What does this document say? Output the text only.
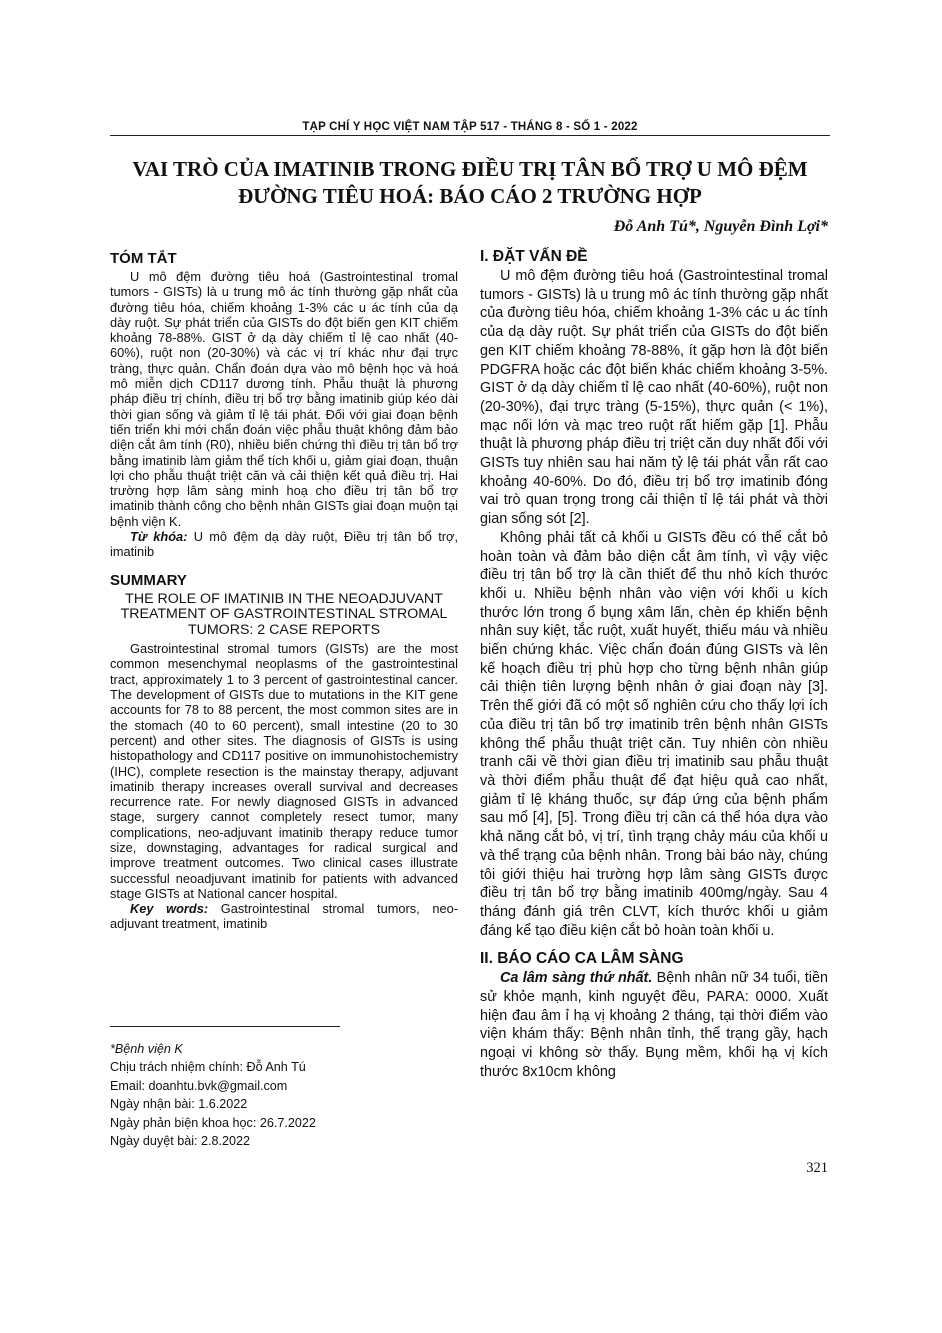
TẠP CHÍ Y HỌC VIỆT NAM TẬP 517 - THÁNG 8 - SỐ 1 - 2022
VAI TRÒ CỦA IMATINIB TRONG ĐIỀU TRỊ TÂN BỔ TRỢ U MÔ ĐỆM ĐƯỜNG TIÊU HOÁ: BÁO CÁO 2 TRƯỜNG HỢP
Đỗ Anh Tú*, Nguyễn Đình Lợi*
TÓM TẮT

U mô đệm đường tiêu hoá (Gastrointestinal tromal tumors - GISTs) là u trung mô ác tính thường gặp nhất của đường tiêu hóa, chiếm khoảng 1-3% các u ác tính của dạ dày ruột. Sự phát triển của GISTs do đột biến gen KIT chiếm khoảng 78-88%. GIST ở dạ dày chiếm tỉ lệ cao nhất (40-60%), ruột non (20-30%) và các vị trí khác như đại trực tràng, thực quản. Chẩn đoán dựa vào mô bệnh học và hoá mô miễn dịch CD117 dương tính. Phẫu thuật là phương pháp điều trị chính, điều trị bổ trợ bằng imatinib giúp kéo dài thời gian sống và giảm tỉ lệ tái phát. Đối với giai đoạn bệnh tiến triển khi mới chẩn đoán việc phẫu thuật không đảm bảo diện cắt âm tính (R0), nhiều biến chứng thì điều trị tân bổ trợ bằng imatinib làm giảm thể tích khối u, giảm giai đoạn, thuận lợi cho phẫu thuật triệt căn và cải thiện kết quả điều trị. Hai trường hợp lâm sàng minh hoạ cho điều trị tân bổ trợ imatinib thành công cho bệnh nhân GISTs giai đoạn muộn tại bệnh viện K.

Từ khóa: U mô đệm dạ dày ruột, Điều trị tân bổ trợ, imatinib

SUMMARY
THE ROLE OF IMATINIB IN THE NEOADJUVANT TREATMENT OF GASTROINTESTINAL STROMAL TUMORS: 2 CASE REPORTS

Gastrointestinal stromal tumors (GISTs) are the most common mesenchymal neoplasms of the gastrointestinal tract, approximately 1 to 3 percent of gastrointestinal cancer. The development of GISTs due to mutations in the KIT gene accounts for 78 to 88 percent, the most common sites are in the stomach (40 to 60 percent), small intestine (20 to 30 percent) and other sites. The diagnosis of GISTs is using histopathology and CD117 positive on immunohistochemistry (IHC), complete resection is the mainstay therapy, adjuvant imatinib therapy increases overall survival and decreases recurrence rate. For newly diagnosed GISTs in advanced stage, surgery cannot completely resect tumor, many complications, neo-adjuvant imatinib therapy reduce tumor size, downstaging, advantages for radical surgical and improve treatment outcomes. Two clinical cases illustrate successful neoadjuvant imatinib for patients with advanced stage GISTs at National cancer hospital.

Key words: Gastrointestinal stromal tumors, neo-adjuvant treatment, imatinib

*Bệnh viện K
Chịu trách nhiệm chính: Đỗ Anh Tú
Email: doanhtu.bvk@gmail.com
Ngày nhận bài: 1.6.2022
Ngày phản biện khoa học: 26.7.2022
Ngày duyệt bài: 2.8.2022
I. ĐẶT VẤN ĐỀ

U mô đệm đường tiêu hoá (Gastrointestinal tromal tumors - GISTs) là u trung mô ác tính thường gặp nhất của đường tiêu hóa, chiếm khoảng 1-3% các u ác tính của dạ dày ruột. Sự phát triển của GISTs do đột biến gen KIT chiếm khoảng 78-88%, ít gặp hơn là đột biến PDGFRA hoặc các đột biến khác chiếm khoảng 3-5%. GIST ở dạ dày chiếm tỉ lệ cao nhất (40-60%), ruột non (20-30%), đại trực tràng (5-15%), thực quản (< 1%), mạc nối lớn và mạc treo ruột rất hiếm gặp [1]. Phẫu thuật là phương pháp điều trị triệt căn duy nhất đối với GISTs tuy nhiên sau hai năm tỷ lệ tái phát vẫn rất cao khoảng 40-60%. Do đó, điều trị bổ trợ imatinib đóng vai trò quan trọng trong cải thiện tỉ lệ tái phát và thời gian sống sót [2].

Không phải tất cả khối u GISTs đều có thể cắt bỏ hoàn toàn và đảm bảo diện cắt âm tính, vì vậy việc điều trị tân bổ trợ là cần thiết để thu nhỏ kích thước khối u. Nhiều bệnh nhân vào viện với khối u kích thước lớn trong ổ bụng xâm lấn, chèn ép khiến bệnh nhân suy kiệt, tắc ruột, xuất huyết, thiếu máu và nhiều biến chứng khác. Việc chẩn đoán đúng GISTs và lên kế hoạch điều trị phù hợp cho từng bệnh nhân giúp cải thiện tiên lượng bệnh nhân ở giai đoạn này [3]. Trên thế giới đã có một số nghiên cứu cho thấy lợi ích của điều trị tân bổ trợ imatinib trên bệnh nhân GISTs không thể phẫu thuật triệt căn. Tuy nhiên còn nhiều tranh cãi về thời gian điều trị imatinib sau phẫu thuật và thời điểm phẫu thuật để đạt hiệu quả cao nhất, giảm tỉ lệ kháng thuốc, sự đáp ứng của bệnh phẩm sau mổ [4], [5]. Trong điều trị cần cá thể hóa dựa vào khả năng cắt bỏ, vị trí, tình trạng chảy máu của khối u và thể trạng của bệnh nhân. Trong bài báo này, chúng tôi giới thiệu hai trường hợp lâm sàng GISTs được điều trị tân bổ trợ bằng imatinib 400mg/ngày. Sau 4 tháng đánh giá trên CLVT, kích thước khối u giảm đáng kể tạo điều kiện cắt bỏ hoàn toàn khối u.

II. BÁO CÁO CA LÂM SÀNG

Ca lâm sàng thứ nhất. Bệnh nhân nữ 34 tuổi, tiền sử khỏe mạnh, kinh nguyệt đều, PARA: 0000. Xuất hiện đau âm ỉ hạ vị khoảng 2 tháng, tại thời điểm vào viện khám thấy: Bệnh nhân tỉnh, thể trạng gầy, hạch ngoại vi không sờ thấy. Bụng mềm, khối hạ vị kích thước 8x10cm không

321
